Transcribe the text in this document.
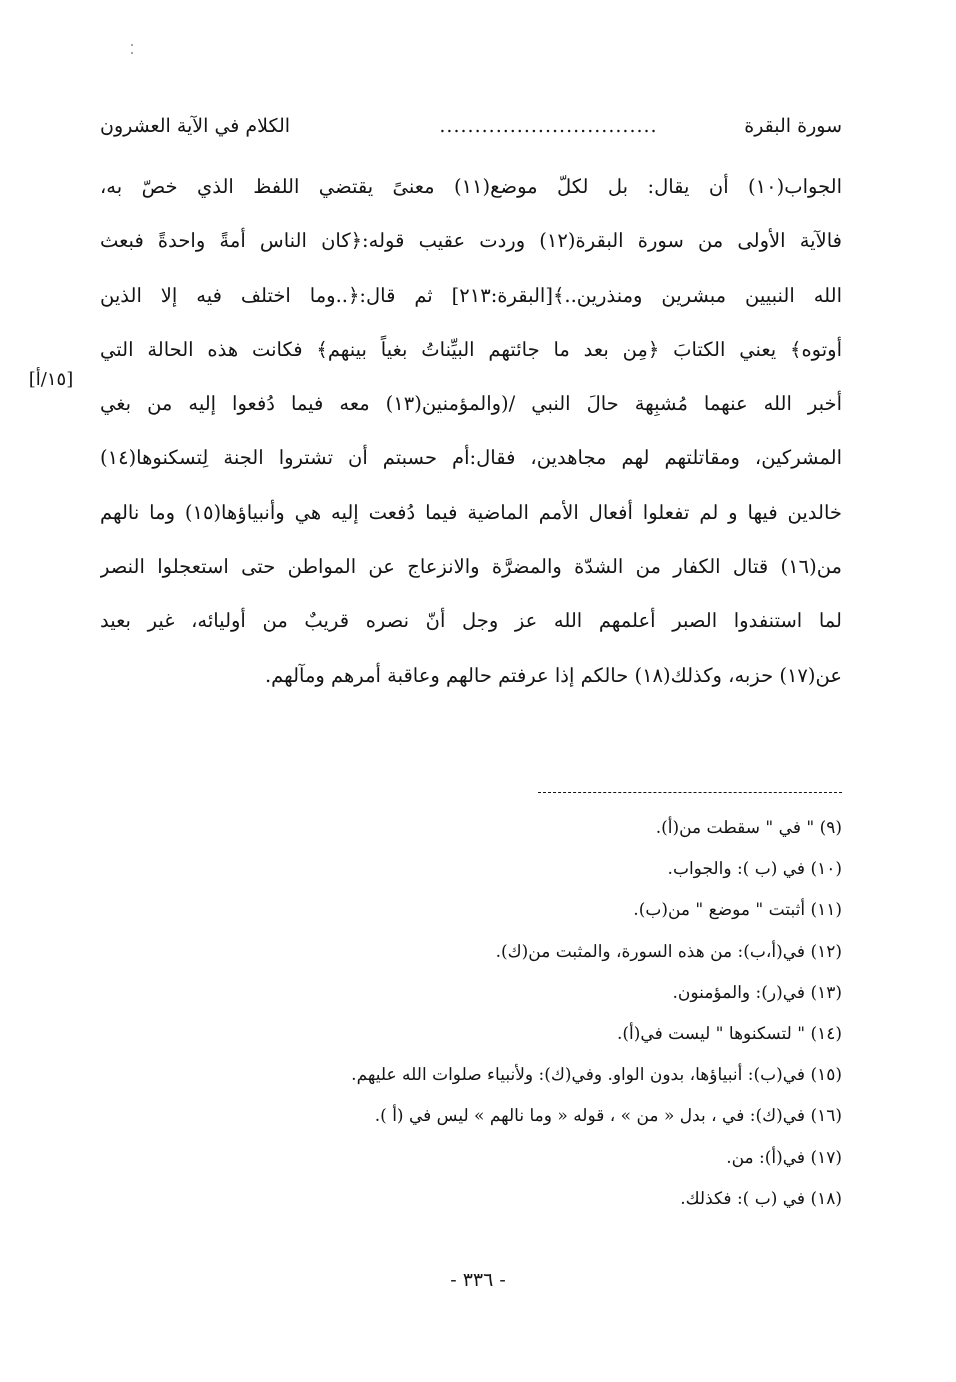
سورة البقرة
...............................
الكلام في الآية العشرون
الجواب(١٠) أن يقال: بل لكلّ موضع(١١) معنىً يقتضي اللفظ الذي خصّ به،
فالآية الأولى من سورة البقرة(١٢) وردت عقيب قوله:﴿كان الناس أمةً واحدةً فبعث
الله النبيين مبشرين ومنذرين..﴾[البقرة:٢١٣] ثم قال:﴿..وما اختلف فيه إلا الذين
أوتوه﴾ يعني الكتابَ ﴿مِن بعد ما جائتهم البيِّناتُ بغياً بينهم﴾ فكانت هذه الحالة التي
أخبر الله عنهما مُشبِهة حالَ النبي /(والمؤمنين(١٣) معه فيما دُفعوا إليه من بغي
المشركين، ومقاتلتهم لهم مجاهدين، فقال:أم حسبتم أن تشتروا الجنة لِتسكنوها(١٤)
خالدين فيها و لم تفعلوا أفعال الأمم الماضية فيما دُفعت إليه هي وأنبياؤها(١٥) وما نالهم
من(١٦) قتال الكفار من الشدّة والمضرَّة والانزعاج عن المواطن حتى استعجلوا النصر
لما استنفدوا الصبر أعلمهم الله عز وجل أنّ نصره قريبٌ من أوليائه، غير بعيد
عن(١٧) حزبه، وكذلك(١٨) حالكم إذا عرفتم حالهم وعاقبة أمرهم ومآلهم.
[١٥/أ]
(٩) " في " سقطت من(أ).
(١٠) في (ب ): والجواب.
(١١) أثبتت " موضع " من(ب).
(١٢) في(أ،ب): من هذه السورة، والمثبت من(ك).
(١٣) في(ر): والمؤمنون.
(١٤) " لتسكنوها " ليست في(أ).
(١٥) في(ب): أنبياؤها، بدون الواو. وفي(ك): ولأنبياء صلوات الله عليهم.
(١٦) في(ك): في ، بدل « من » ، قوله « وما نالهم » ليس في (أ ).
(١٧) في(أ): من.
(١٨) في (ب ): فكذلك.
- ٣٣٦ -
